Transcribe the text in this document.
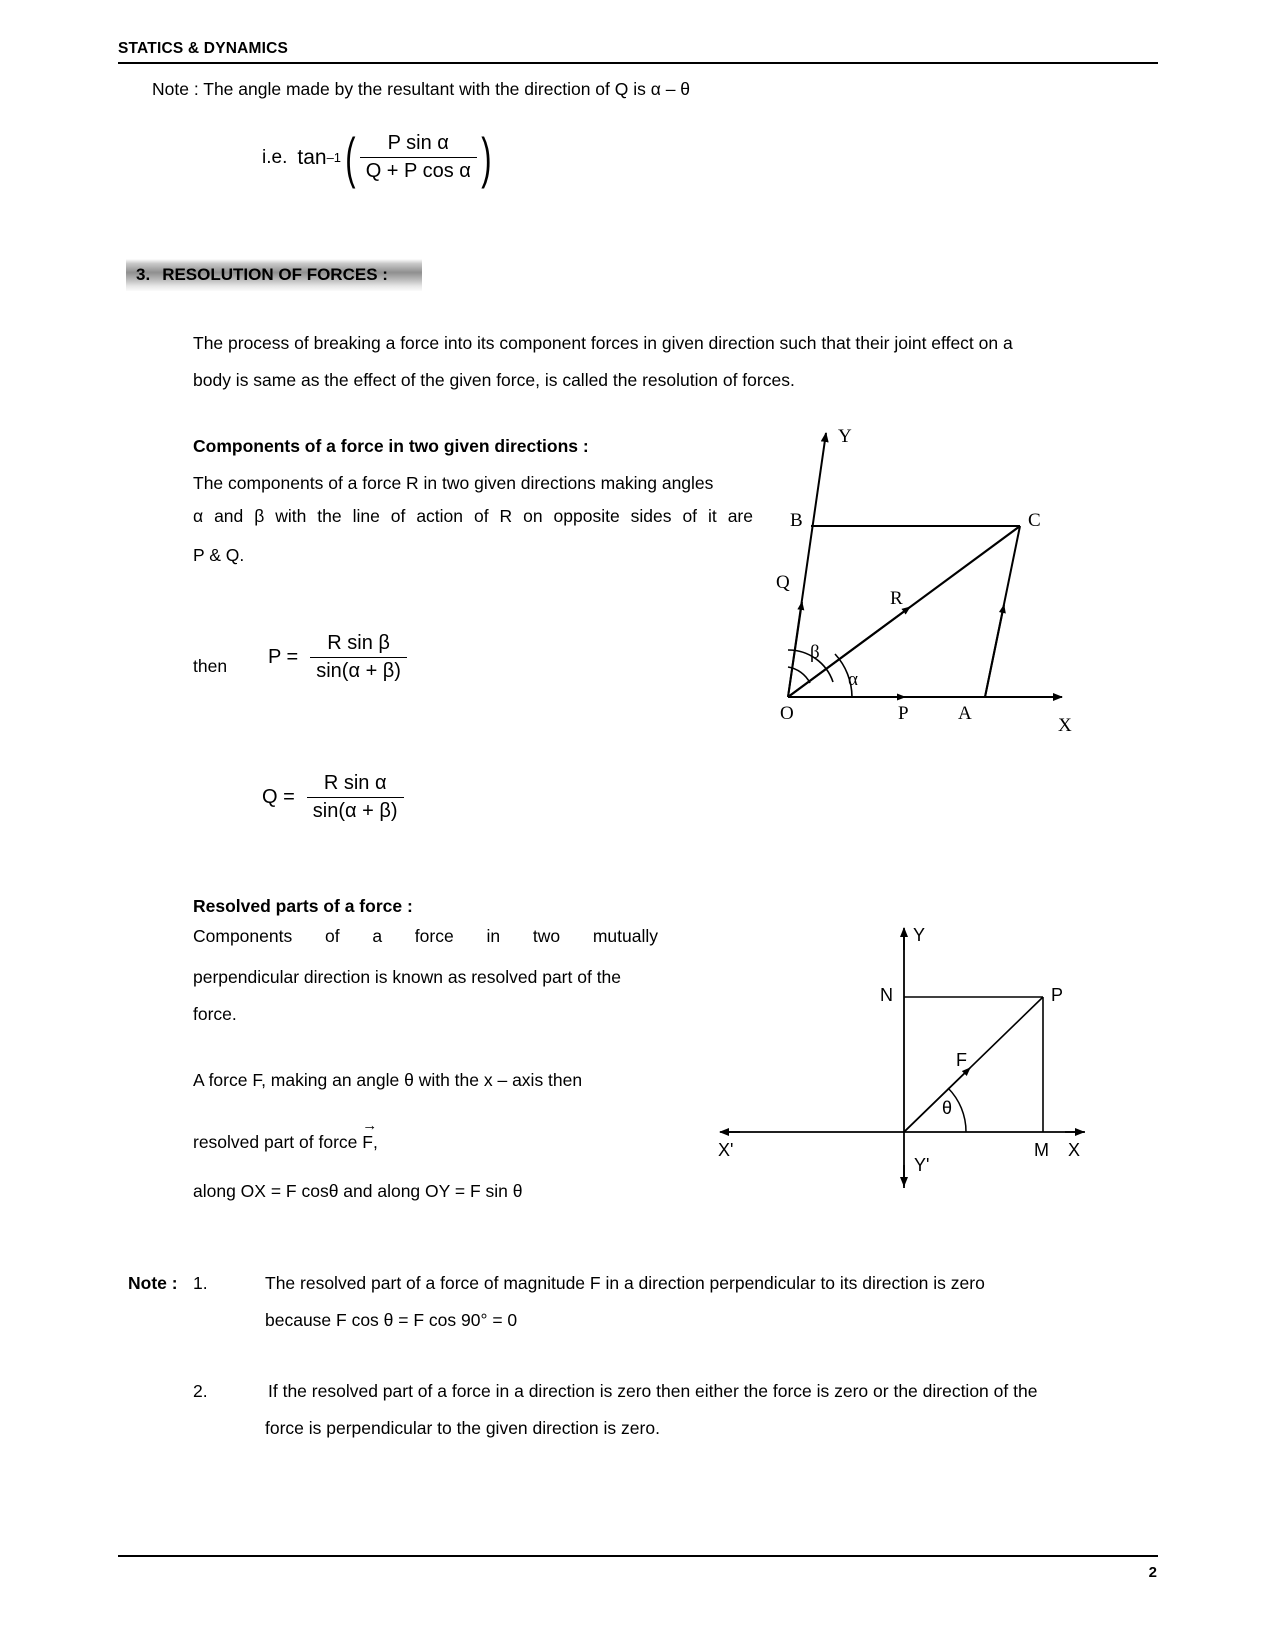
STATICS & DYNAMICS
Note : The angle made by the resultant with the direction of Q is α – θ
i.e. tan –1 ( $\frac{\text{P sin α}}{\text{Q + P cos α}}$ )
3. RESOLUTION OF FORCES :
The process of breaking a force into its component forces in given direction such that their joint effect on a
body is same as the effect of the given force, is called the resolution of forces.
Components of a force in two given directions :
The components of a force R in two given directions making angles
α and β with the line of action of R on opposite sides of it are
P & Q.
then $P = \frac{\text{R sin β}}{\sin(\alpha + \beta)}$
$Q = \frac{\text{R sin α}}{\sin(\alpha + \beta)}$
Y
B	C
Q
R
β
α
O	P	A
X
Resolved parts of a force :
Components of a force in two mutually
perpendicular direction is known as resolved part of the
force.
A force F, making an angle θ with the x – axis then
resolved part of force
→
F,
along OX = F cosθ and along OY = F sin θ
Y
N	P
F
θ
X'	M X
Y'
Note : 1.	The resolved part of a force of magnitude F in a direction perpendicular to its direction is zero
because F cos θ = F cos 90° = 0
2.	If the resolved part of a force in a direction is zero then either the force is zero or the direction of the
force is perpendicular to the given direction is zero.
2
